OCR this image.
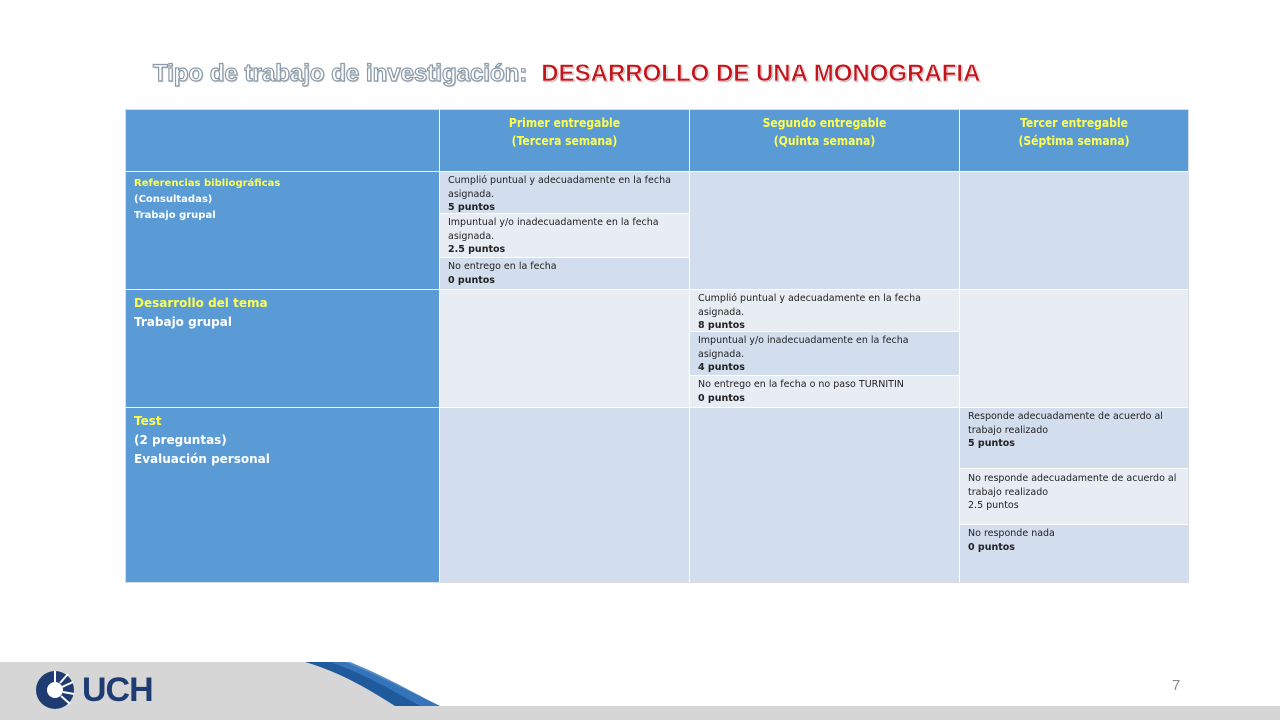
Tipo de trabajo de investigación: DESARROLLO DE UNA MONOGRAFIA
Primer entregable
(Tercera semana)
Segundo entregable
(Quinta semana)
Tercer entregable
(Séptima semana)
Referencias bibliográficas
(Consultadas)
Trabajo grupal
Cumplió puntual y adecuadamente en la fecha asignada.
5 puntos
Impuntual y/o inadecuadamente en la fecha asignada.
2.5 puntos
No entrego en la fecha
0 puntos
Desarrollo del tema
Trabajo grupal
Cumplió puntual y adecuadamente en la fecha asignada.
8 puntos
Impuntual y/o inadecuadamente en la fecha asignada.
4 puntos
No entrego en la fecha o no paso TURNITIN
0 puntos
Test
(2 preguntas)
Evaluación personal
Responde adecuadamente de acuerdo al trabajo realizado
5 puntos
No responde adecuadamente de acuerdo al trabajo realizado
2.5 puntos
No responde nada
0 puntos
UCH	7
